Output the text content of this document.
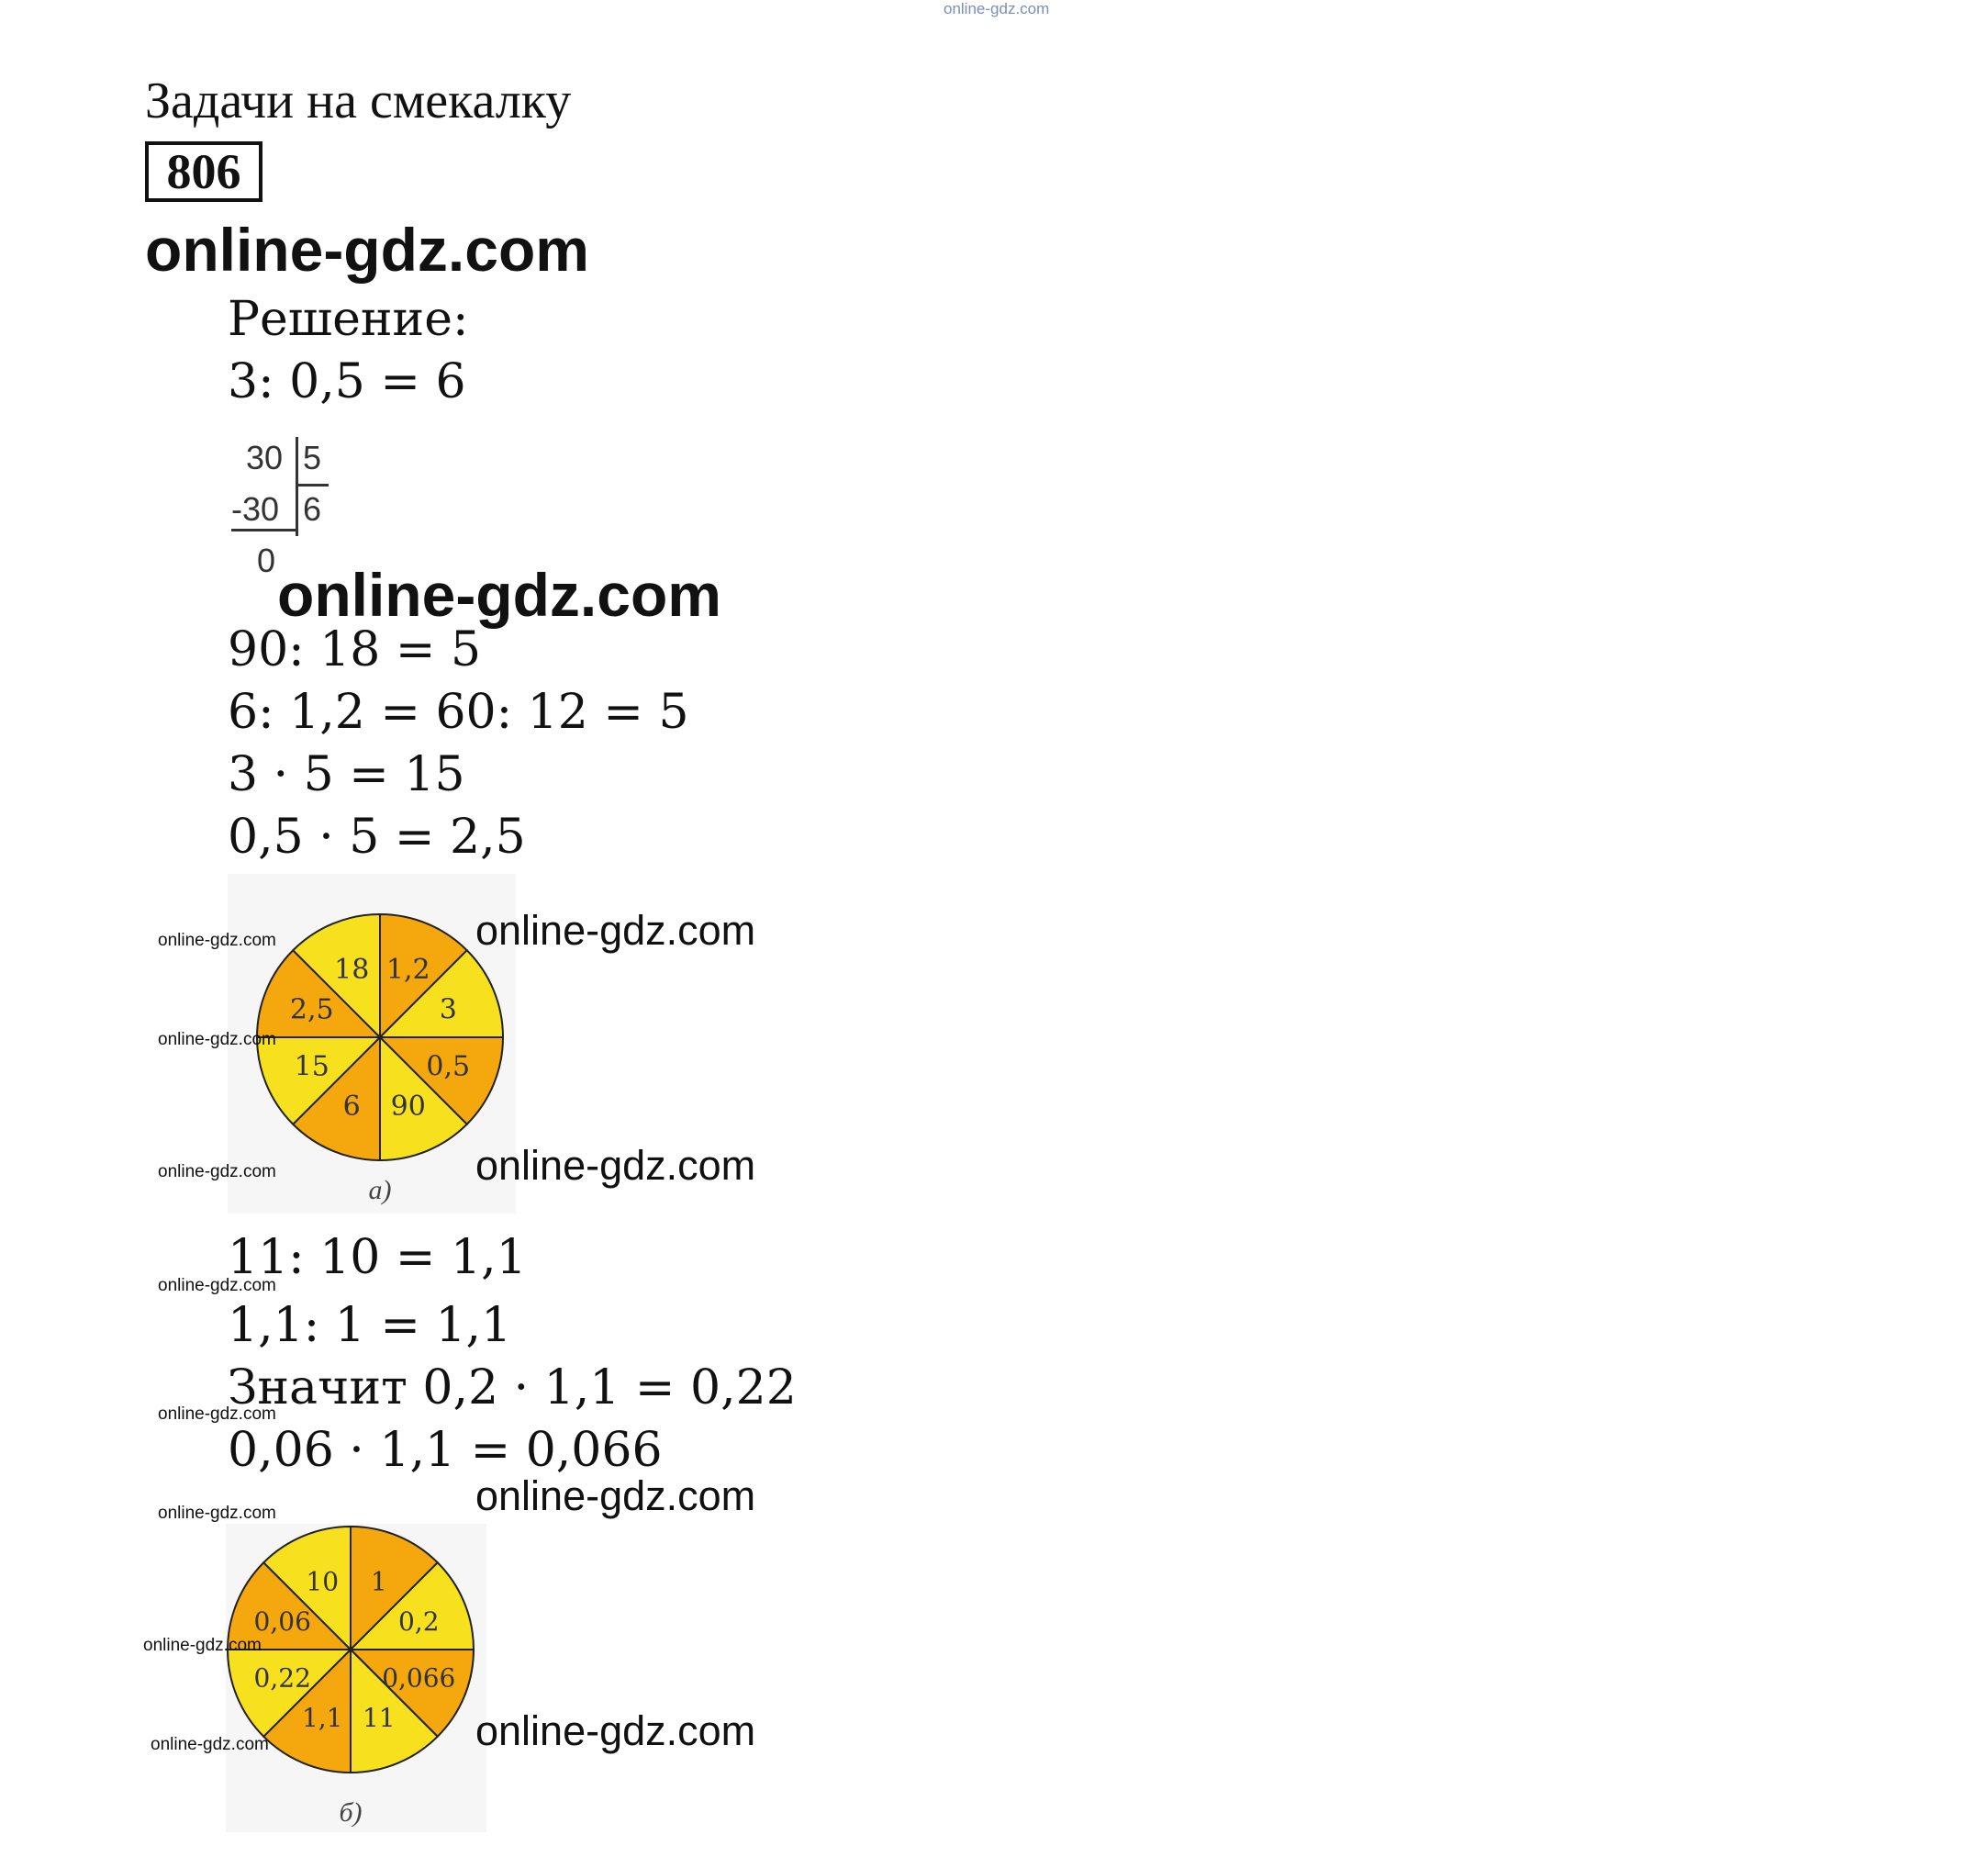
online-gdz.com
Задачи на смекалку
806
online-gdz.com
Решение:
3: 0,5 = 6
30 5
-30 6
0
online-gdz.com
90: 18 = 5
6: 1,2 = 60: 12 = 5
3 · 5 = 15
0,5 · 5 = 2,5
1,2
3
0,5
90
6
15
2,5
18
а)
online-gdz.com	online-gdz.com
online-gdz.com
online-gdz.com	online-gdz.com
11: 10 = 1,1
online-gdz.com
1,1: 1 = 1,1
Значит 0,2 · 1,1 = 0,22
online-gdz.com
0,06 · 1,1 = 0,066
online-gdz.com
1
0,2
0,066
11
1,1
0,22
0,06
10
б)
online-gdz.com
online-gdz.com
online-gdz.com	online-gdz.com
